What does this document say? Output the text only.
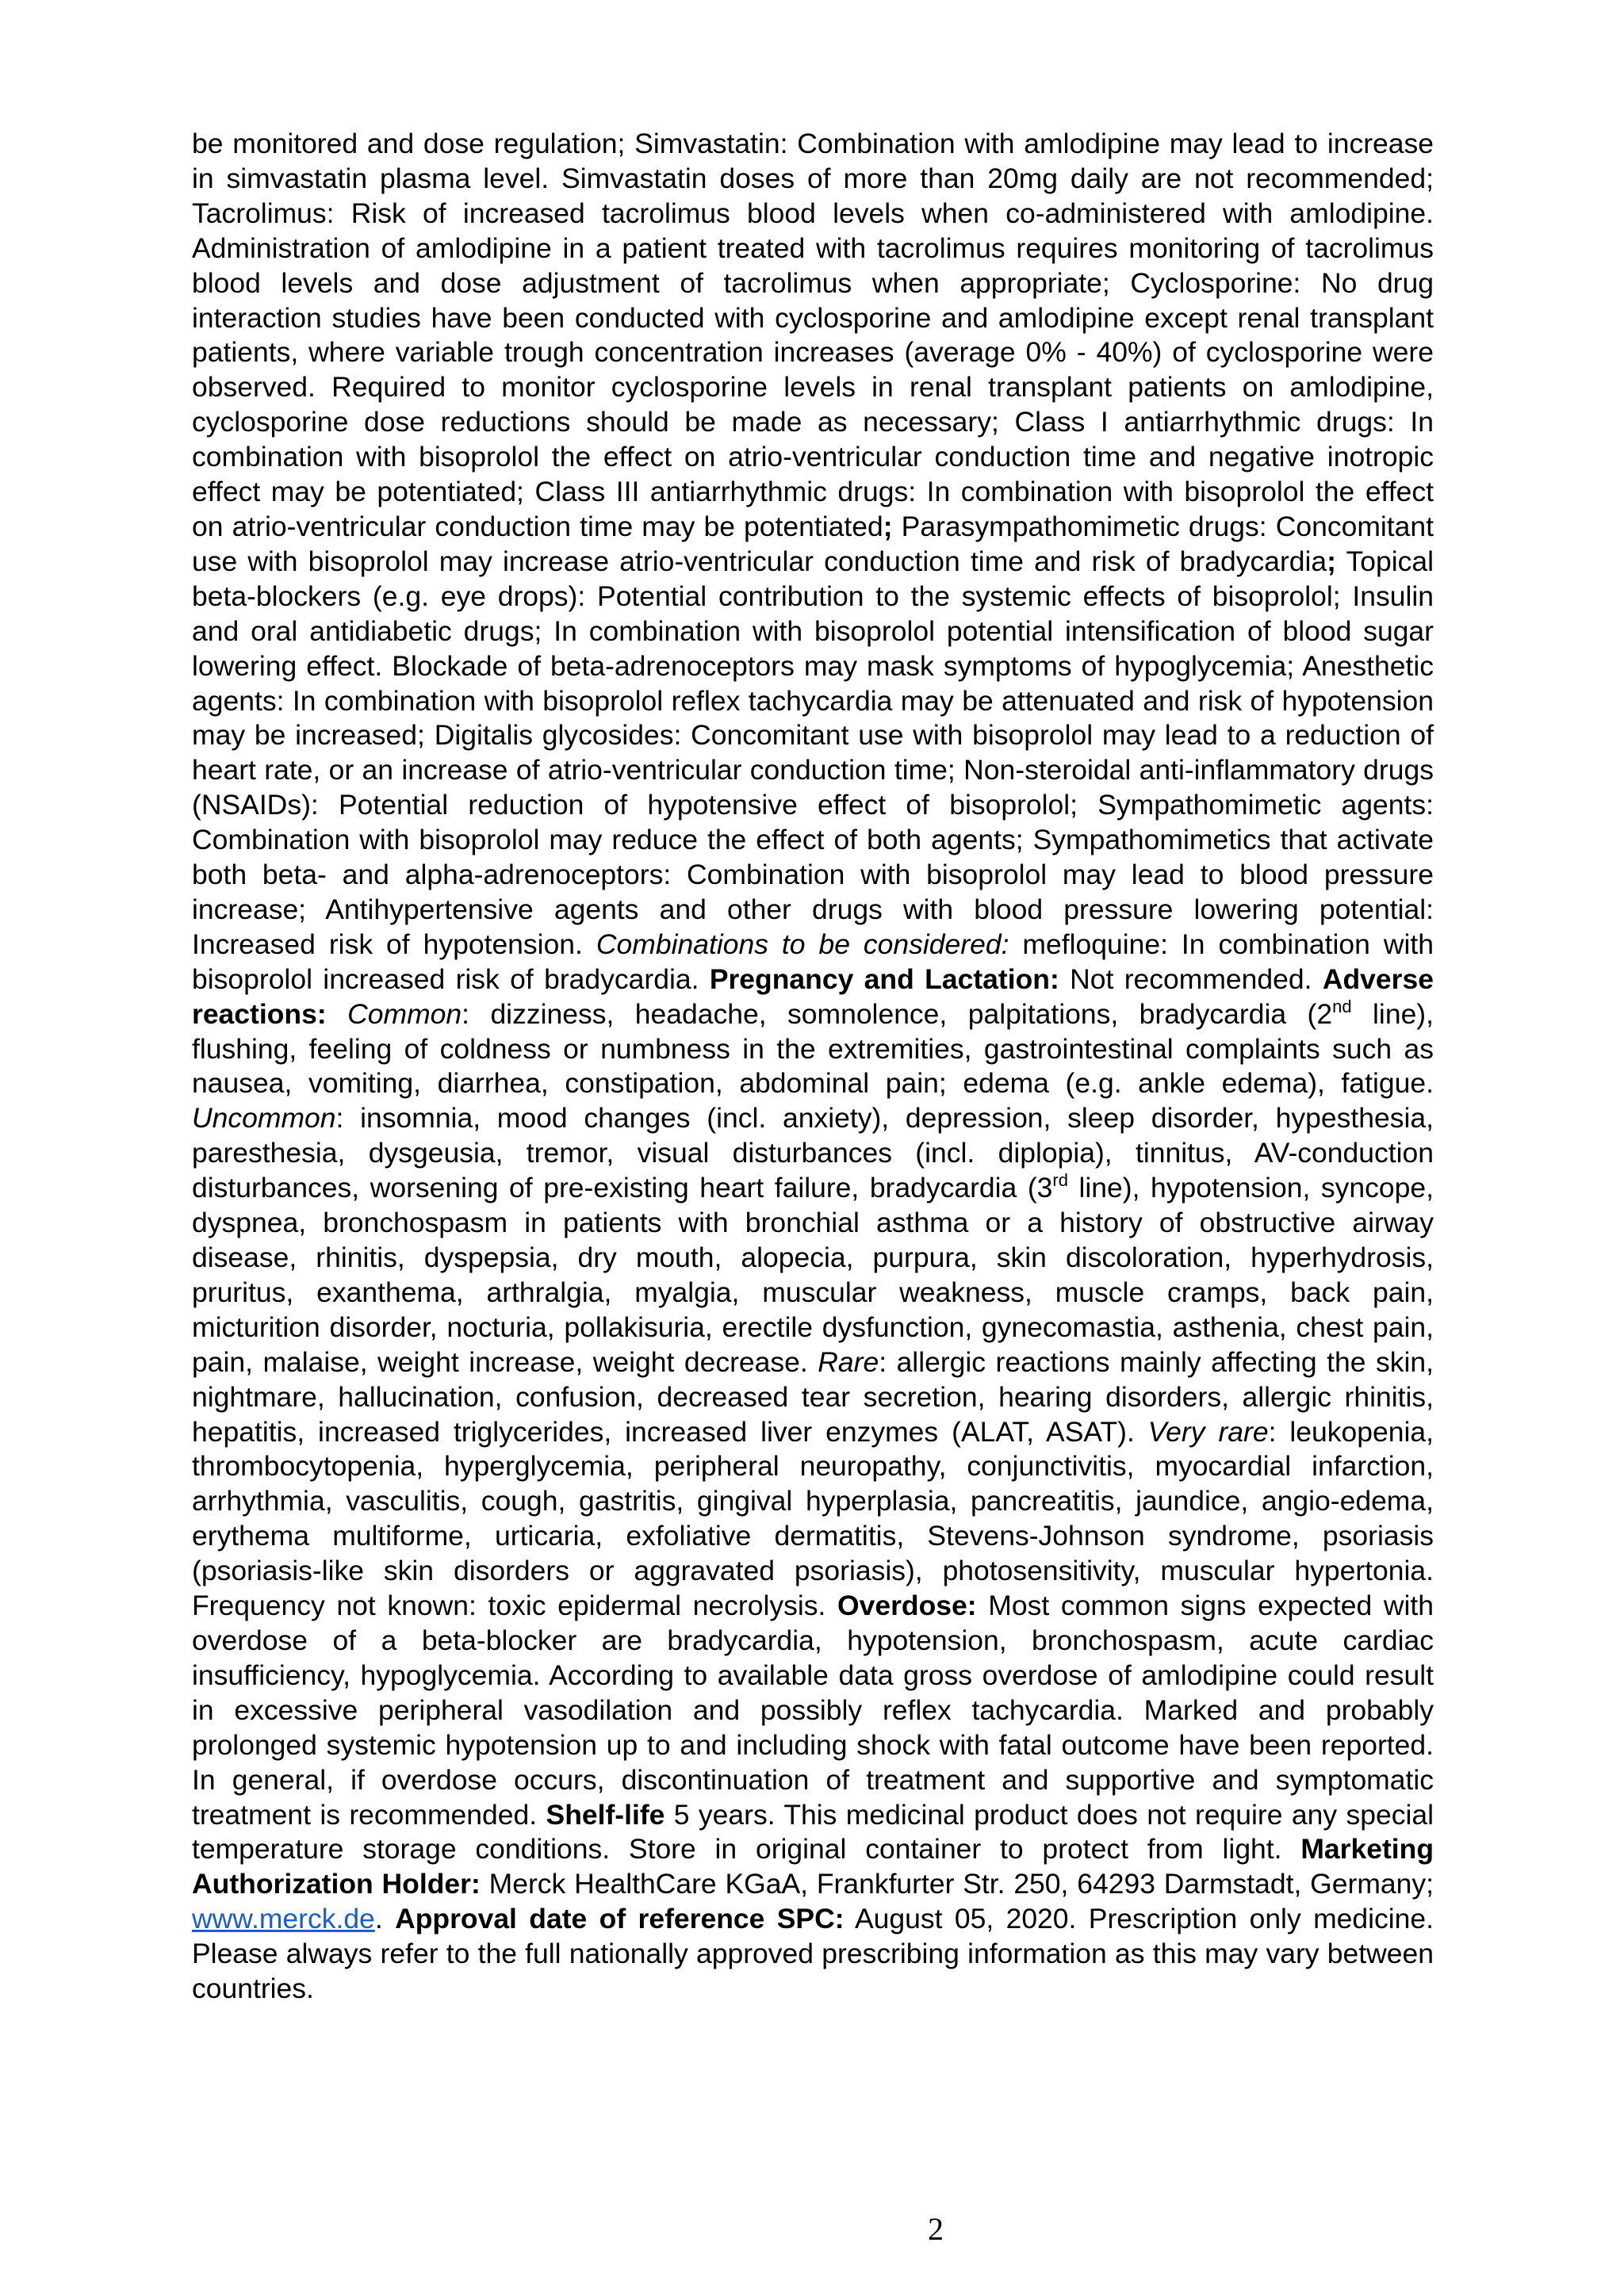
be monitored and dose regulation; Simvastatin: Combination with amlodipine may lead to increase in simvastatin plasma level. Simvastatin doses of more than 20mg daily are not recommended; Tacrolimus: Risk of increased tacrolimus blood levels when co-administered with amlodipine. Administration of amlodipine in a patient treated with tacrolimus requires monitoring of tacrolimus blood levels and dose adjustment of tacrolimus when appropriate; Cyclosporine: No drug interaction studies have been conducted with cyclosporine and amlodipine except renal transplant patients, where variable trough concentration increases (average 0% - 40%) of cyclosporine were observed. Required to monitor cyclosporine levels in renal transplant patients on amlodipine, cyclosporine dose reductions should be made as necessary; Class I antiarrhythmic drugs: In combination with bisoprolol the effect on atrio-ventricular conduction time and negative inotropic effect may be potentiated; Class III antiarrhythmic drugs: In combination with bisoprolol the effect on atrio-ventricular conduction time may be potentiated; Parasympathomimetic drugs: Concomitant use with bisoprolol may increase atrio-ventricular conduction time and risk of bradycardia; Topical beta-blockers (e.g. eye drops): Potential contribution to the systemic effects of bisoprolol; Insulin and oral antidiabetic drugs; In combination with bisoprolol potential intensification of blood sugar lowering effect. Blockade of beta-adrenoceptors may mask symptoms of hypoglycemia; Anesthetic agents: In combination with bisoprolol reflex tachycardia may be attenuated and risk of hypotension may be increased; Digitalis glycosides: Concomitant use with bisoprolol may lead to a reduction of heart rate, or an increase of atrio-ventricular conduction time; Non-steroidal anti-inflammatory drugs (NSAIDs): Potential reduction of hypotensive effect of bisoprolol; Sympathomimetic agents: Combination with bisoprolol may reduce the effect of both agents; Sympathomimetics that activate both beta- and alpha-adrenoceptors: Combination with bisoprolol may lead to blood pressure increase; Antihypertensive agents and other drugs with blood pressure lowering potential: Increased risk of hypotension. Combinations to be considered: mefloquine: In combination with bisoprolol increased risk of bradycardia. Pregnancy and Lactation: Not recommended. Adverse reactions: Common: dizziness, headache, somnolence, palpitations, bradycardia (2nd line), flushing, feeling of coldness or numbness in the extremities, gastrointestinal complaints such as nausea, vomiting, diarrhea, constipation, abdominal pain; edema (e.g. ankle edema), fatigue. Uncommon: insomnia, mood changes (incl. anxiety), depression, sleep disorder, hypesthesia, paresthesia, dysgeusia, tremor, visual disturbances (incl. diplopia), tinnitus, AV-conduction disturbances, worsening of pre-existing heart failure, bradycardia (3rd line), hypotension, syncope, dyspnea, bronchospasm in patients with bronchial asthma or a history of obstructive airway disease, rhinitis, dyspepsia, dry mouth, alopecia, purpura, skin discoloration, hyperhydrosis, pruritus, exanthema, arthralgia, myalgia, muscular weakness, muscle cramps, back pain, micturition disorder, nocturia, pollakisuria, erectile dysfunction, gynecomastia, asthenia, chest pain, pain, malaise, weight increase, weight decrease. Rare: allergic reactions mainly affecting the skin, nightmare, hallucination, confusion, decreased tear secretion, hearing disorders, allergic rhinitis, hepatitis, increased triglycerides, increased liver enzymes (ALAT, ASAT). Very rare: leukopenia, thrombocytopenia, hyperglycemia, peripheral neuropathy, conjunctivitis, myocardial infarction, arrhythmia, vasculitis, cough, gastritis, gingival hyperplasia, pancreatitis, jaundice, angio-edema, erythema multiforme, urticaria, exfoliative dermatitis, Stevens-Johnson syndrome, psoriasis (psoriasis-like skin disorders or aggravated psoriasis), photosensitivity, muscular hypertonia. Frequency not known: toxic epidermal necrolysis. Overdose: Most common signs expected with overdose of a beta-blocker are bradycardia, hypotension, bronchospasm, acute cardiac insufficiency, hypoglycemia. According to available data gross overdose of amlodipine could result in excessive peripheral vasodilation and possibly reflex tachycardia. Marked and probably prolonged systemic hypotension up to and including shock with fatal outcome have been reported. In general, if overdose occurs, discontinuation of treatment and supportive and symptomatic treatment is recommended. Shelf-life 5 years. This medicinal product does not require any special temperature storage conditions. Store in original container to protect from light. Marketing Authorization Holder: Merck HealthCare KGaA, Frankfurter Str. 250, 64293 Darmstadt, Germany; www.merck.de. Approval date of reference SPC: August 05, 2020. Prescription only medicine. Please always refer to the full nationally approved prescribing information as this may vary between countries.

2
